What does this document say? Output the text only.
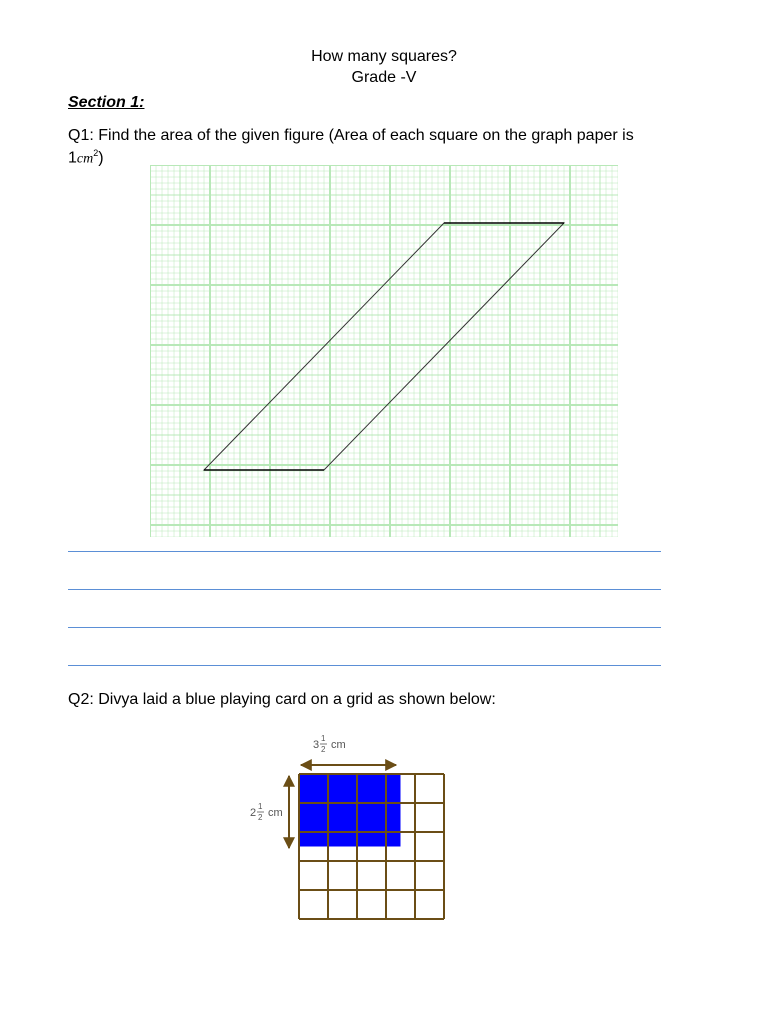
How many squares?
Grade -V
Section 1:
Q1: Find the area of the given figure (Area of each square on the graph paper is
$1cm^2$)
Q2: Divya laid a blue playing card on a grid as shown below:
3
1
2 cm
2
1
2 cm
